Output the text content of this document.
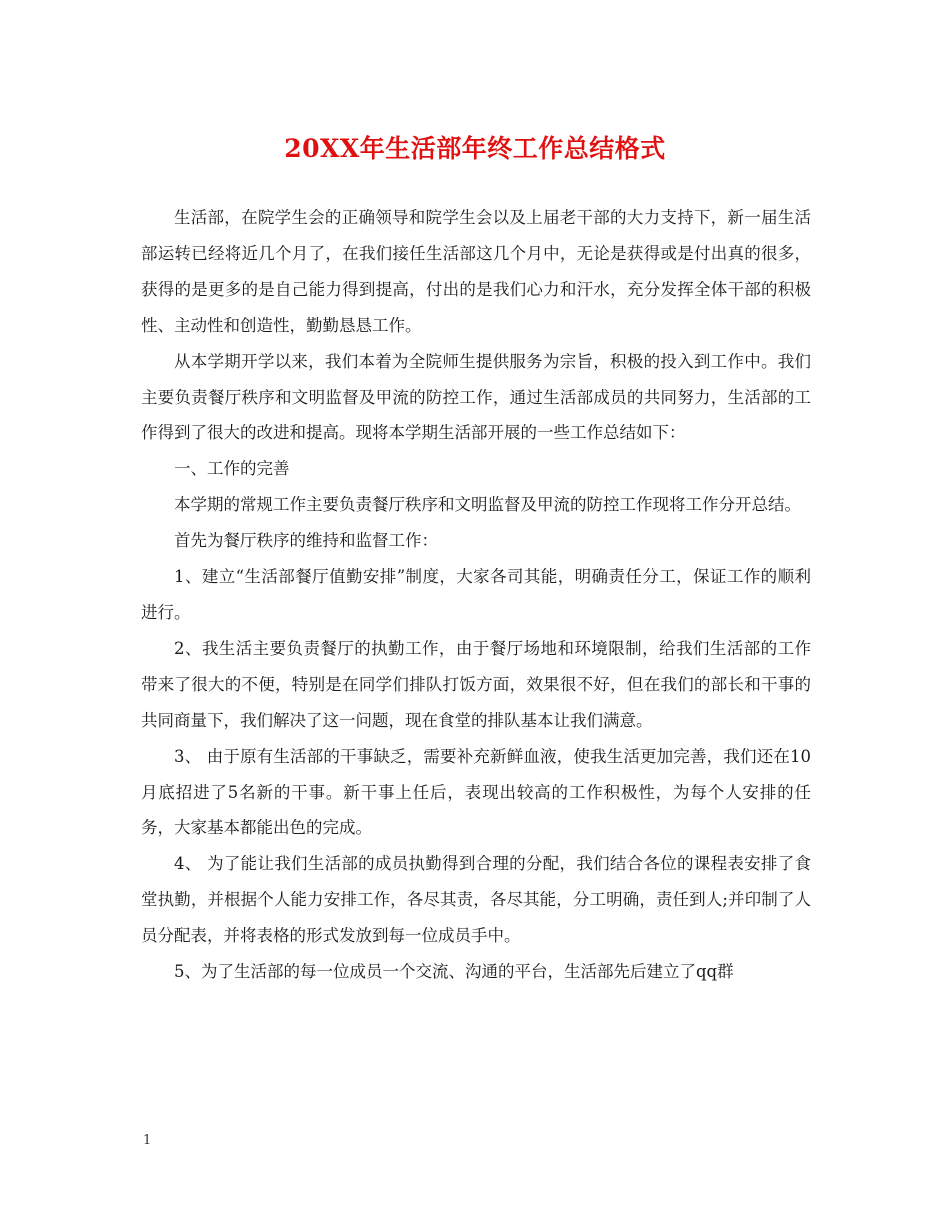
20XX年生活部年终工作总结格式

生活部，在院学生会的正确领导和院学生会以及上届老干部的大力支持下，新一届生活部运转已经将近几个月了，在我们接任生活部这几个月中，无论是获得或是付出真的很多，获得的是更多的是自己能力得到提高，付出的是我们心力和汗水，充分发挥全体干部的积极性、主动性和创造性，勤勤恳恳工作。

从本学期开学以来，我们本着为全院师生提供服务为宗旨，积极的投入到工作中。我们主要负责餐厅秩序和文明监督及甲流的防控工作，通过生活部成员的共同努力，生活部的工作得到了很大的改进和提高。现将本学期生活部开展的一些工作总结如下：

一、工作的完善

本学期的常规工作主要负责餐厅秩序和文明监督及甲流的防控工作现将工作分开总结。

首先为餐厅秩序的维持和监督工作：

1、建立“生活部餐厅值勤安排”制度，大家各司其能，明确责任分工，保证工作的顺利进行。

2、我生活主要负责餐厅的执勤工作，由于餐厅场地和环境限制，给我们生活部的工作带来了很大的不便，特别是在同学们排队打饭方面，效果很不好，但在我们的部长和干事的共同商量下，我们解决了这一问题，现在食堂的排队基本让我们满意。

3、 由于原有生活部的干事缺乏，需要补充新鲜血液，使我生活更加完善，我们还在10月底招进了5名新的干事。新干事上任后，表现出较高的工作积极性，为每个人安排的任务，大家基本都能出色的完成。

4、 为了能让我们生活部的成员执勤得到合理的分配，我们结合各位的课程表安排了食堂执勤，并根据个人能力安排工作，各尽其责，各尽其能，分工明确，责任到人;并印制了人员分配表，并将表格的形式发放到每一位成员手中。

5、为了生活部的每一位成员一个交流、沟通的平台，生活部先后建立了qq群

1
